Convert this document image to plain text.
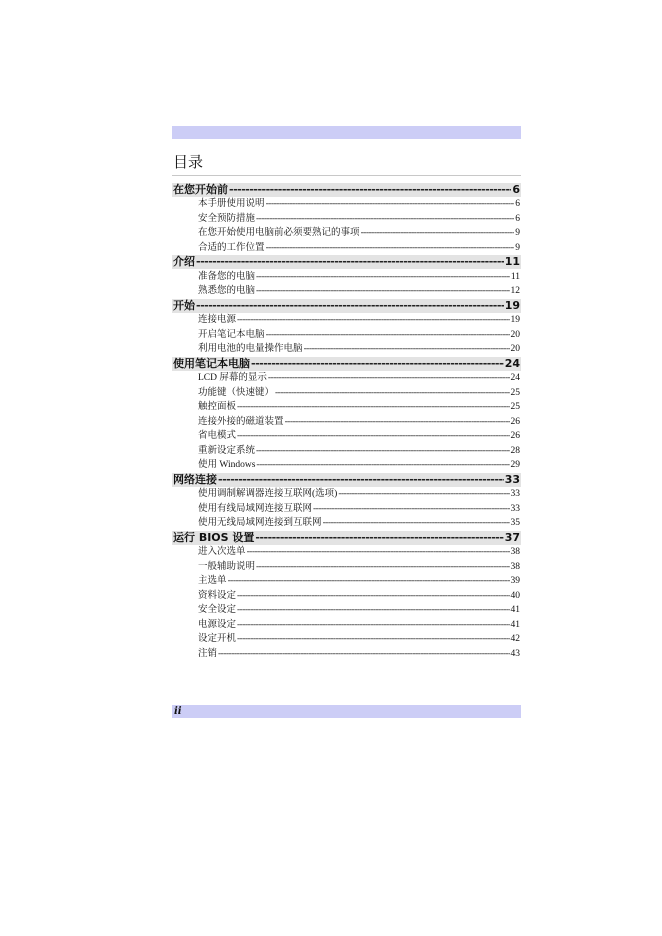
目录
在您开始前 -----	6
本手册使用说明 -----	6
安全预防措施 -----	6
在您开始使用电脑前必须要熟记的事项 -----	9
合适的工作位置 -----	9
介绍 -----	11
准备您的电脑 -----	11
熟悉您的电脑 -----	12
开始 -----	19
连接电源 -----	19
开启笔记本电脑 -----	20
利用电池的电量操作电脑 -----	20
使用笔记本电脑 -----	24
LCD 屏幕的显示 -----	24
功能键（快速键） -----	25
触控面板 -----	25
连接外接的磁道装置 -----	26
省电模式 -----	26
重新设定系统 -----	28
使用 Windows -----	29
网络连接 -----	33
使用调制解调器连接互联网(选项) -----	33
使用有线局域网连接互联网 -----	33
使用无线局域网连接到互联网 -----	35
运行 BIOS 设置 -----	37
进入次选单 -----	38
一般辅助说明 -----	38
主选单 -----	39
资料设定 -----	40
安全设定 -----	41
电源设定 -----	41
设定开机 -----	42
注销 -----	43
ii
